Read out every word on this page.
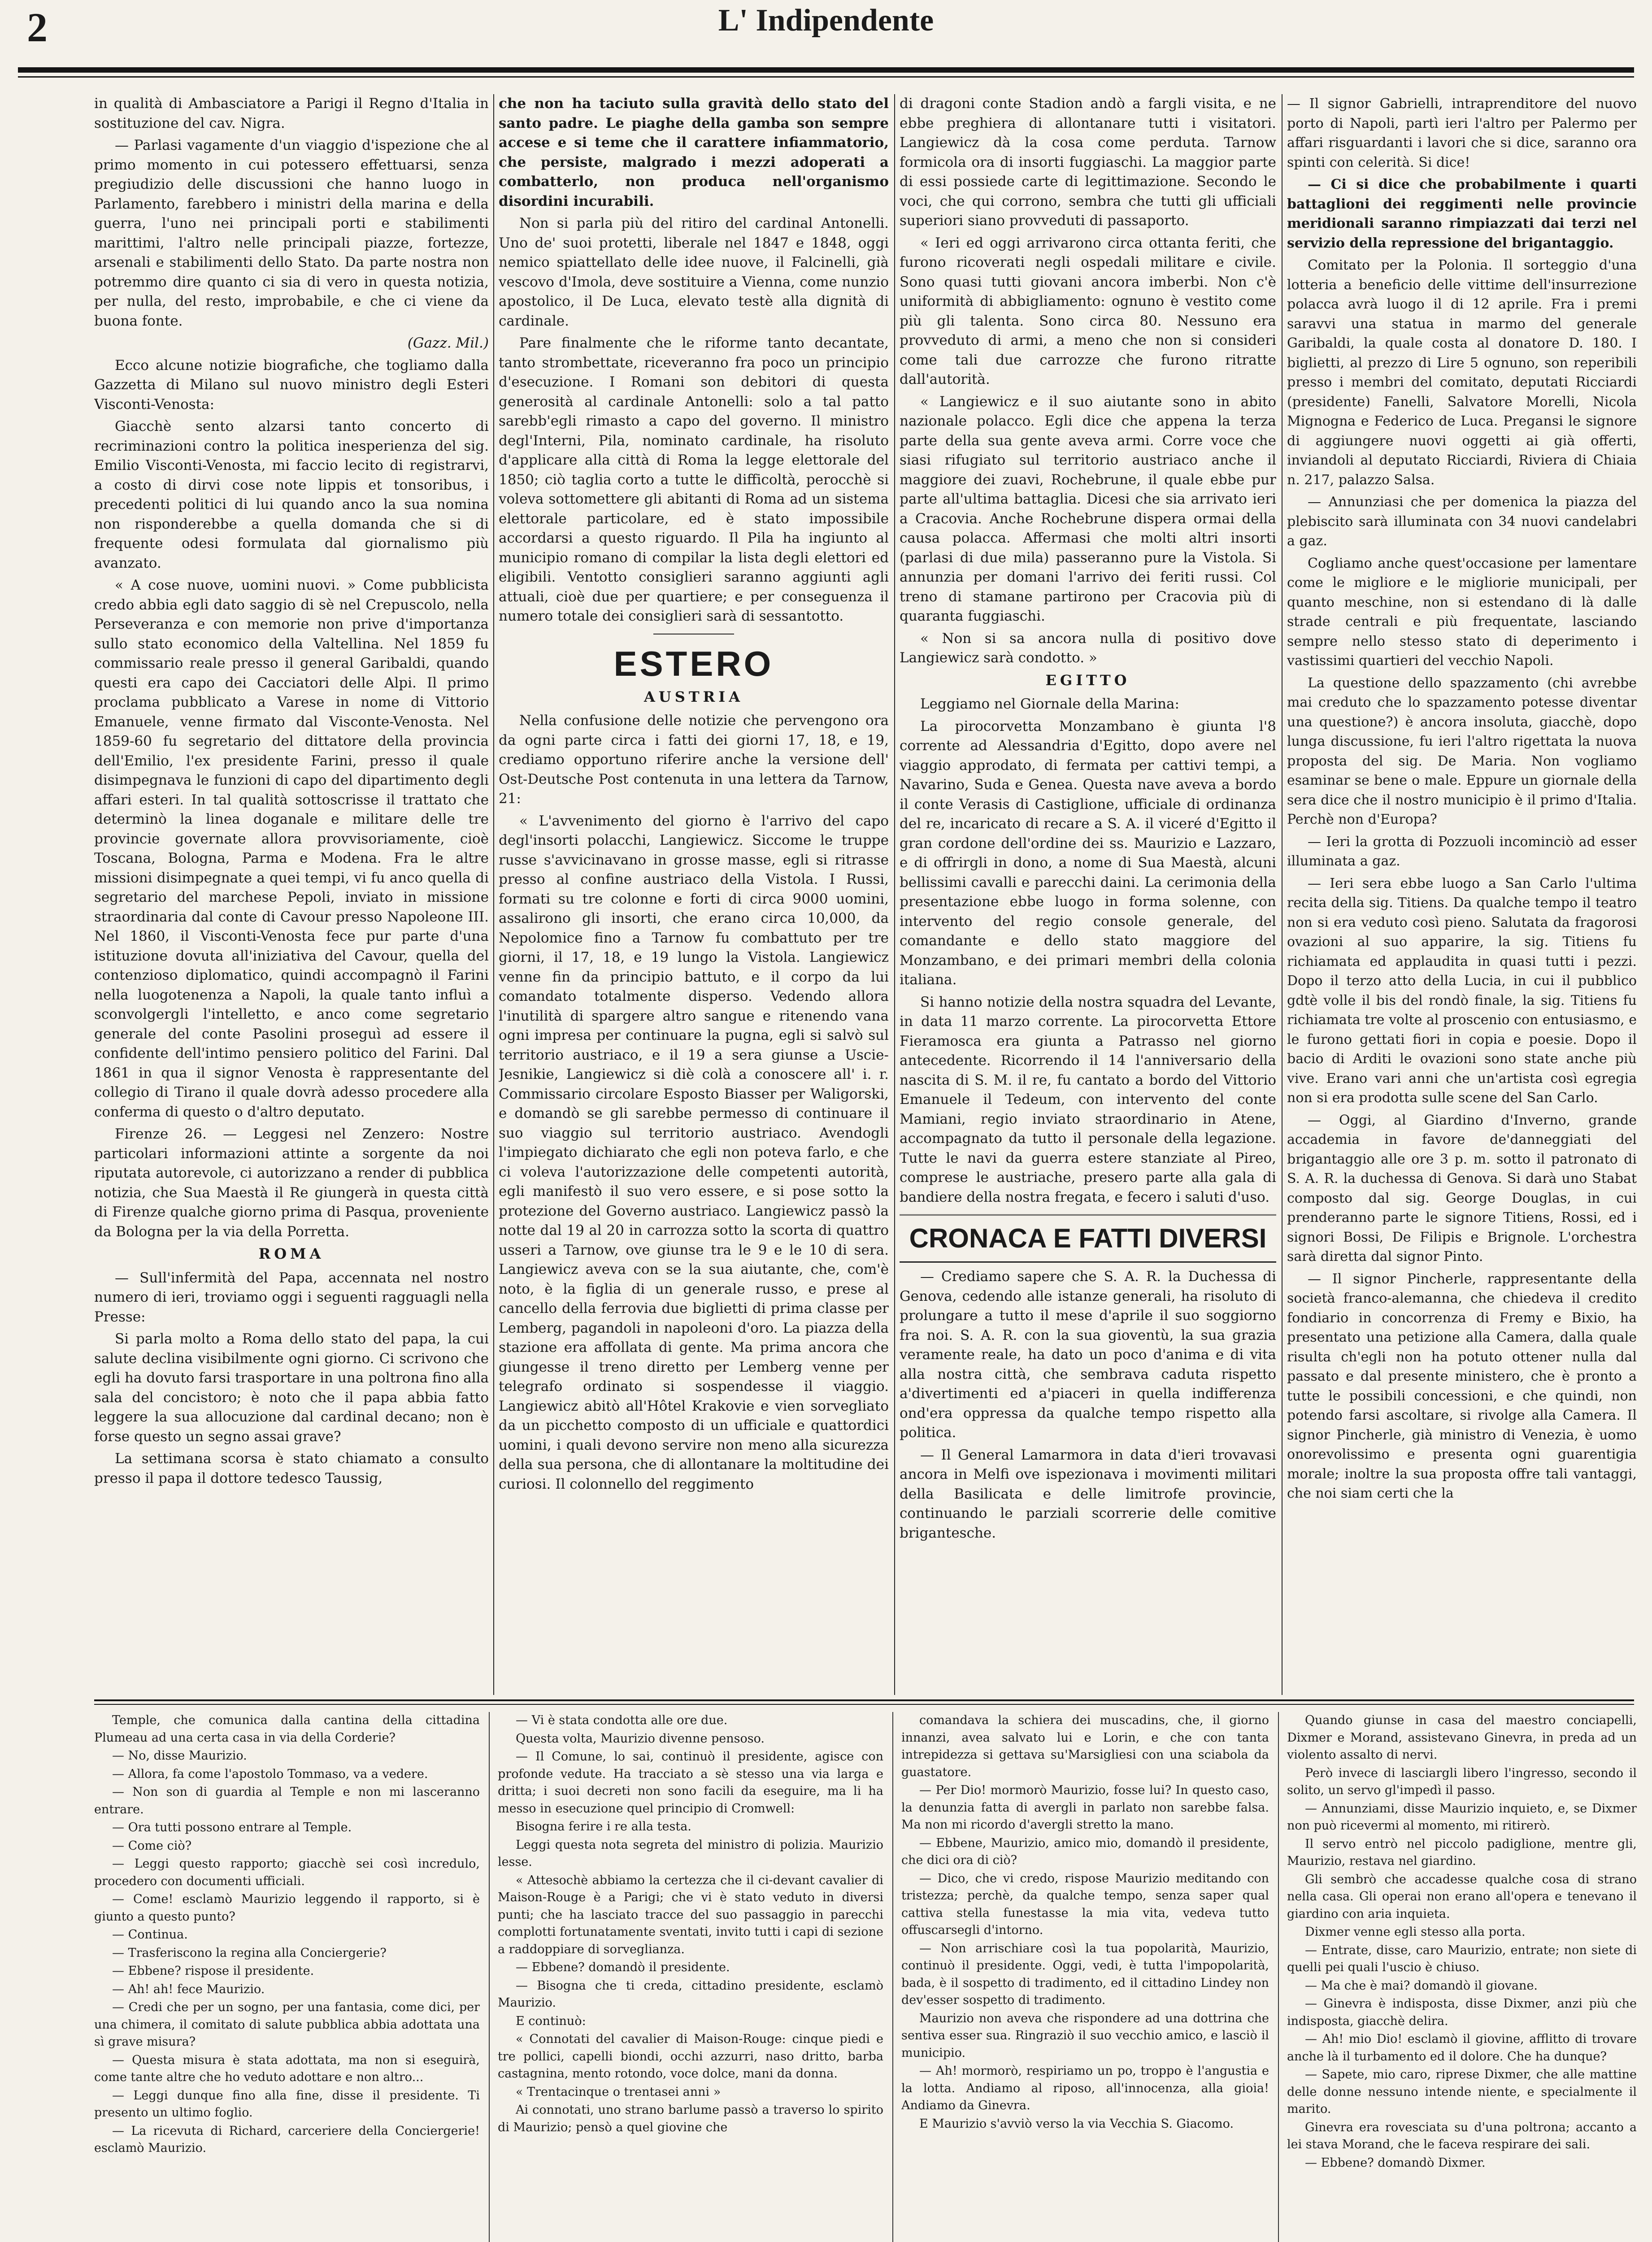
2	L' Indipendente

in qualità di Ambasciatore a Parigi il Regno d'Italia in sostituzione del cav. Nigra.

— Parlasi vagamente d'un viaggio d'ispezione che al primo momento in cui potessero effettuarsi, senza pregiudizio delle discussioni che hanno luogo in Parlamento, farebbero i ministri della marina e della guerra, l'uno nei principali porti e stabilimenti marittimi, l'altro nelle principali piazze, fortezze, arsenali e stabilimenti dello Stato. Da parte nostra non potremmo dire quanto ci sia di vero in questa notizia, per nulla, del resto, improbabile, e che ci viene da buona fonte.

(Gazz. Mil.)

Ecco alcune notizie biografiche, che togliamo dalla Gazzetta di Milano sul nuovo ministro degli Esteri Visconti-Venosta:

Giacchè sento alzarsi tanto concerto di recriminazioni contro la politica inesperienza del sig. Emilio Visconti-Venosta, mi faccio lecito di registrarvi, a costo di dirvi cose note lippis et tonsoribus, i precedenti politici di lui quando anco la sua nomina non risponderebbe a quella domanda che si di frequente odesi formulata dal giornalismo più avanzato.

« A cose nuove, uomini nuovi. » Come pubblicista credo abbia egli dato saggio di sè nel Crepuscolo, nella Perseveranza e con memorie non prive d'importanza sullo stato economico della Valtellina. Nel 1859 fu commissario reale presso il general Garibaldi, quando questi era capo dei Cacciatori delle Alpi. Il primo proclama pubblicato a Varese in nome di Vittorio Emanuele, venne firmato dal Visconte-Venosta. Nel 1859-60 fu segretario del dittatore della provincia dell'Emilio, l'ex presidente Farini, presso il quale disimpegnava le funzioni di capo del dipartimento degli affari esteri. In tal qualità sottoscrisse il trattato che determinò la linea doganale e militare delle tre provincie governate allora provvisoriamente, cioè Toscana, Bologna, Parma e Modena. Fra le altre missioni disimpegnate a quei tempi, vi fu anco quella di segretario del marchese Pepoli, inviato in missione straordinaria dal conte di Cavour presso Napoleone III. Nel 1860, il Visconti-Venosta fece pur parte d'una istituzione dovuta all'iniziativa del Cavour, quella del contenzioso diplomatico, quindi accompagnò il Farini nella luogotenenza a Napoli, la quale tanto influì a sconvolgergli l'intelletto, e anco come segretario generale del conte Pasolini proseguì ad essere il confidente dell'intimo pensiero politico del Farini. Dal 1861 in qua il signor Venosta è rappresentante del collegio di Tirano il quale dovrà adesso procedere alla conferma di questo o d'altro deputato.

Firenze 26. — Leggesi nel Zenzero: Nostre particolari informazioni attinte a sorgente da noi riputata autorevole, ci autorizzano a render di pubblica notizia, che Sua Maestà il Re giungerà in questa città di Firenze qualche giorno prima di Pasqua, proveniente da Bologna per la via della Porretta.

ROMA

— Sull'infermità del Papa, accennata nel nostro numero di ieri, troviamo oggi i seguenti ragguagli nella Presse:

Si parla molto a Roma dello stato del papa, la cui salute declina visibilmente ogni giorno. Ci scrivono che egli ha dovuto farsi trasportare in una poltrona fino alla sala del concistoro; è noto che il papa abbia fatto leggere la sua allocuzione dal cardinal decano; non è forse questo un segno assai grave?

La settimana scorsa è stato chiamato a consulto presso il papa il dottore tedesco Taussig,

che non ha taciuto sulla gravità dello stato del santo padre. Le piaghe della gamba son sempre accese e si teme che il carattere infiammatorio, che persiste, malgrado i mezzi adoperati a combatterlo, non produca nell'organismo disordini incurabili.

Non si parla più del ritiro del cardinal Antonelli. Uno de' suoi protetti, liberale nel 1847 e 1848, oggi nemico spiattellato delle idee nuove, il Falcinelli, già vescovo d'Imola, deve sostituire a Vienna, come nunzio apostolico, il De Luca, elevato testè alla dignità di cardinale.

Pare finalmente che le riforme tanto decantate, tanto strombettate, riceveranno fra poco un principio d'esecuzione. I Romani son debitori di questa generosità al cardinale Antonelli: solo a tal patto sarebb'egli rimasto a capo del governo. Il ministro degl'Interni, Pila, nominato cardinale, ha risoluto d'applicare alla città di Roma la legge elettorale del 1850; ciò taglia corto a tutte le difficoltà, perocchè si voleva sottomettere gli abitanti di Roma ad un sistema elettorale particolare, ed è stato impossibile accordarsi a questo riguardo. Il Pila ha ingiunto al municipio romano di compilar la lista degli elettori ed eligibili. Ventotto consiglieri saranno aggiunti agli attuali, cioè due per quartiere; e per conseguenza il numero totale dei consiglieri sarà di sessantotto.

ESTERO
AUSTRIA

Nella confusione delle notizie che pervengono ora da ogni parte circa i fatti dei giorni 17, 18, e 19, crediamo opportuno riferire anche la versione dell' Ost-Deutsche Post contenuta in una lettera da Tarnow, 21:

« L'avvenimento del giorno è l'arrivo del capo degl'insorti polacchi, Langiewicz. Siccome le truppe russe s'avvicinavano in grosse masse, egli si ritrasse presso al confine austriaco della Vistola. I Russi, formati su tre colonne e forti di circa 9000 uomini, assalirono gli insorti, che erano circa 10,000, da Nepolomice fino a Tarnow fu combattuto per tre giorni, il 17, 18, e 19 lungo la Vistola. Langiewicz venne fin da principio battuto, e il corpo da lui comandato totalmente disperso. Vedendo allora l'inutilità di spargere altro sangue e ritenendo vana ogni impresa per continuare la pugna, egli si salvò sul territorio austriaco, e il 19 a sera giunse a Uscie-Jesnikie, Langiewicz si diè colà a conoscere all' i. r. Commissario circolare Esposto Biasser per Waligorski, e domandò se gli sarebbe permesso di continuare il suo viaggio sul territorio austriaco. Avendogli l'impiegato dichiarato che egli non poteva farlo, e che ci voleva l'autorizzazione delle competenti autorità, egli manifestò il suo vero essere, e si pose sotto la protezione del Governo austriaco. Langiewicz passò la notte dal 19 al 20 in carrozza sotto la scorta di quattro usseri a Tarnow, ove giunse tra le 9 e le 10 di sera. Langiewicz aveva con se la sua aiutante, che, com'è noto, è la figlia di un generale russo, e prese al cancello della ferrovia due biglietti di prima classe per Lemberg, pagandoli in napoleoni d'oro. La piazza della stazione era affollata di gente. Ma prima ancora che giungesse il treno diretto per Lemberg venne per telegrafo ordinato si sospendesse il viaggio. Langiewicz abitò all'Hôtel Krakovie e vien sorvegliato da un picchetto composto di un ufficiale e quattordici uomini, i quali devono servire non meno alla sicurezza della sua persona, che di allontanare la moltitudine dei curiosi. Il colonnello del reggimento

di dragoni conte Stadion andò a fargli visita, e ne ebbe preghiera di allontanare tutti i visitatori. Langiewicz dà la cosa come perduta. Tarnow formicola ora di insorti fuggiaschi. La maggior parte di essi possiede carte di legittimazione. Secondo le voci, che qui corrono, sembra che tutti gli ufficiali superiori siano provveduti di passaporto.

« Ieri ed oggi arrivarono circa ottanta feriti, che furono ricoverati negli ospedali militare e civile. Sono quasi tutti giovani ancora imberbi. Non c'è uniformità di abbigliamento: ognuno è vestito come più gli talenta. Sono circa 80. Nessuno era provveduto di armi, a meno che non si consideri come tali due carrozze che furono ritratte dall'autorità.

« Langiewicz e il suo aiutante sono in abito nazionale polacco. Egli dice che appena la terza parte della sua gente aveva armi. Corre voce che siasi rifugiato sul territorio austriaco anche il maggiore dei zuavi, Rochebrune, il quale ebbe pur parte all'ultima battaglia. Dicesi che sia arrivato ieri a Cracovia. Anche Rochebrune dispera ormai della causa polacca. Affermasi che molti altri insorti (parlasi di due mila) passeranno pure la Vistola. Si annunzia per domani l'arrivo dei feriti russi. Col treno di stamane partirono per Cracovia più di quaranta fuggiaschi.

« Non si sa ancora nulla di positivo dove Langiewicz sarà condotto. »

EGITTO

Leggiamo nel Giornale della Marina:

La pirocorvetta Monzambano è giunta l'8 corrente ad Alessandria d'Egitto, dopo avere nel viaggio approdato, di fermata per cattivi tempi, a Navarino, Suda e Genea. Questa nave aveva a bordo il conte Verasis di Castiglione, ufficiale di ordinanza del re, incaricato di recare a S. A. il viceré d'Egitto il gran cordone dell'ordine dei ss. Maurizio e Lazzaro, e di offrirgli in dono, a nome di Sua Maestà, alcuni bellissimi cavalli e parecchi daini. La cerimonia della presentazione ebbe luogo in forma solenne, con intervento del regio console generale, del comandante e dello stato maggiore del Monzambano, e dei primari membri della colonia italiana.

Si hanno notizie della nostra squadra del Levante, in data 11 marzo corrente. La pirocorvetta Ettore Fieramosca era giunta a Patrasso nel giorno antecedente. Ricorrendo il 14 l'anniversario della nascita di S. M. il re, fu cantato a bordo del Vittorio Emanuele il Tedeum, con intervento del conte Mamiani, regio inviato straordinario in Atene, accompagnato da tutto il personale della legazione. Tutte le navi da guerra estere stanziate al Pireo, comprese le austriache, presero parte alla gala di bandiere della nostra fregata, e fecero i saluti d'uso.

CRONACA E FATTI DIVERSI

— Crediamo sapere che S. A. R. la Duchessa di Genova, cedendo alle istanze generali, ha risoluto di prolungare a tutto il mese d'aprile il suo soggiorno fra noi. S. A. R. con la sua gioventù, la sua grazia veramente reale, ha dato un poco d'anima e di vita alla nostra città, che sembrava caduta rispetto a'divertimenti ed a'piaceri in quella indifferenza ond'era oppressa da qualche tempo rispetto alla politica.

— Il General Lamarmora in data d'ieri trovavasi ancora in Melfi ove ispezionava i movimenti militari della Basilicata e delle limitrofe provincie, continuando le parziali scorrerie delle comitive brigantesche.

— Il signor Gabrielli, intraprenditore del nuovo porto di Napoli, partì ieri l'altro per Palermo per affari risguardanti i lavori che si dice, saranno ora spinti con celerità. Si dice!

— Ci si dice che probabilmente i quarti battaglioni dei reggimenti nelle provincie meridionali saranno rimpiazzati dai terzi nel servizio della repressione del brigantaggio.

Comitato per la Polonia. Il sorteggio d'una lotteria a beneficio delle vittime dell'insurrezione polacca avrà luogo il di 12 aprile. Fra i premi saravvi una statua in marmo del generale Garibaldi, la quale costa al donatore D. 180. I biglietti, al prezzo di Lire 5 ognuno, son reperibili presso i membri del comitato, deputati Ricciardi (presidente) Fanelli, Salvatore Morelli, Nicola Mignogna e Federico de Luca. Pregansi le signore di aggiungere nuovi oggetti ai già offerti, inviandoli al deputato Ricciardi, Riviera di Chiaia n. 217, palazzo Salsa.

— Annunziasi che per domenica la piazza del plebiscito sarà illuminata con 34 nuovi candelabri a gaz.

Cogliamo anche quest'occasione per lamentare come le migliore e le migliorie municipali, per quanto meschine, non si estendano di là dalle strade centrali e più frequentate, lasciando sempre nello stesso stato di deperimento i vastissimi quartieri del vecchio Napoli.

La questione dello spazzamento (chi avrebbe mai creduto che lo spazzamento potesse diventar una questione?) è ancora insoluta, giacchè, dopo lunga discussione, fu ieri l'altro rigettata la nuova proposta del sig. De Maria. Non vogliamo esaminar se bene o male. Eppure un giornale della sera dice che il nostro municipio è il primo d'Italia. Perchè non d'Europa?

— Ieri la grotta di Pozzuoli incominciò ad esser illuminata a gaz.

— Ieri sera ebbe luogo a San Carlo l'ultima recita della sig. Titiens. Da qualche tempo il teatro non si era veduto così pieno. Salutata da fragorosi ovazioni al suo apparire, la sig. Titiens fu richiamata ed applaudita in quasi tutti i pezzi. Dopo il terzo atto della Lucia, in cui il pubblico gdtè volle il bis del rondò finale, la sig. Titiens fu richiamata tre volte al proscenio con entusiasmo, e le furono gettati fiori in copia e poesie. Dopo il bacio di Arditi le ovazioni sono state anche più vive. Erano vari anni che un'artista così egregia non si era prodotta sulle scene del San Carlo.

— Oggi, al Giardino d'Inverno, grande accademia in favore de'danneggiati del brigantaggio alle ore 3 p. m. sotto il patronato di S. A. R. la duchessa di Genova. Si darà uno Stabat composto dal sig. George Douglas, in cui prenderanno parte le signore Titiens, Rossi, ed i signori Bossi, De Filipis e Brignole. L'orchestra sarà diretta dal signor Pinto.

— Il signor Pincherle, rappresentante della società franco-alemanna, che chiedeva il credito fondiario in concorrenza di Fremy e Bixio, ha presentato una petizione alla Camera, dalla quale risulta ch'egli non ha potuto ottener nulla dal passato e dal presente ministero, che è pronto a tutte le possibili concessioni, e che quindi, non potendo farsi ascoltare, si rivolge alla Camera. Il signor Pincherle, già ministro di Venezia, è uomo onorevolissimo e presenta ogni guarentigia morale; inoltre la sua proposta offre tali vantaggi, che noi siam certi che la

Temple, che comunica dalla cantina della cittadina Plumeau ad una certa casa in via della Corderie?

— No, disse Maurizio.

— Allora, fa come l'apostolo Tommaso, va a vedere.

— Non son di guardia al Temple e non mi lasceranno entrare.

— Ora tutti possono entrare al Temple.

— Come ciò?

— Leggi questo rapporto; giacchè sei così incredulo, procedero con documenti ufficiali.

— Come! esclamò Maurizio leggendo il rapporto, si è giunto a questo punto?

— Continua.

— Trasferiscono la regina alla Conciergerie?

— Ebbene? rispose il presidente.

— Ah! ah! fece Maurizio.

— Credi che per un sogno, per una fantasia, come dici, per una chimera, il comitato di salute pubblica abbia adottata una sì grave misura?

— Questa misura è stata adottata, ma non si eseguirà, come tante altre che ho veduto adottare e non altro...

— Leggi dunque fino alla fine, disse il presidente. Ti presento un ultimo foglio.

— La ricevuta di Richard, carceriere della Conciergerie! esclamò Maurizio.

— Vi è stata condotta alle ore due.

Questa volta, Maurizio divenne pensoso.

— Il Comune, lo sai, continuò il presidente, agisce con profonde vedute. Ha tracciato a sè stesso una via larga e dritta; i suoi decreti non sono facili da eseguire, ma li ha messo in esecuzione quel principio di Cromwell:

Bisogna ferire i re alla testa.

Leggi questa nota segreta del ministro di polizia. Maurizio lesse.

« Attesochè abbiamo la certezza che il ci-devant cavalier di Maison-Rouge è a Parigi; che vi è stato veduto in diversi punti; che ha lasciato tracce del suo passaggio in parecchi complotti fortunatamente sventati, invito tutti i capi di sezione a raddoppiare di sorveglianza.

— Ebbene? domandò il presidente.

— Bisogna che ti creda, cittadino presidente, esclamò Maurizio.

E continuò:

« Connotati del cavalier di Maison-Rouge: cinque piedi e tre pollici, capelli biondi, occhi azzurri, naso dritto, barba castagnina, mento rotondo, voce dolce, mani da donna.

« Trentacinque o trentasei anni »

Ai connotati, uno strano barlume passò a traverso lo spirito di Maurizio; pensò a quel giovine che

comandava la schiera dei muscadins, che, il giorno innanzi, avea salvato lui e Lorin, e che con tanta intrepidezza si gettava su'Marsigliesi con una sciabola da guastatore.

— Per Dio! mormorò Maurizio, fosse lui? In questo caso, la denunzia fatta di avergli in parlato non sarebbe falsa. Ma non mi ricordo d'avergli stretto la mano.

— Ebbene, Maurizio, amico mio, domandò il presidente, che dici ora di ciò?

— Dico, che vi credo, rispose Maurizio meditando con tristezza; perchè, da qualche tempo, senza saper qual cattiva stella funestasse la mia vita, vedeva tutto offuscarsegli d'intorno.

— Non arrischiare così la tua popolarità, Maurizio, continuò il presidente. Oggi, vedi, è tutta l'impopolarità, bada, è il sospetto di tradimento, ed il cittadino Lindey non dev'esser sospetto di tradimento.

Maurizio non aveva che rispondere ad una dottrina che sentiva esser sua. Ringraziò il suo vecchio amico, e lasciò il municipio.

— Ah! mormorò, respiriamo un po, troppo è l'angustia e la lotta. Andiamo al riposo, all'innocenza, alla gioia! Andiamo da Ginevra.

E Maurizio s'avviò verso la via Vecchia S. Giacomo.

Quando giunse in casa del maestro conciapelli, Dixmer e Morand, assistevano Ginevra, in preda ad un violento assalto di nervi.

Però invece di lasciargli libero l'ingresso, secondo il solito, un servo gl'impedì il passo.

— Annunziami, disse Maurizio inquieto, e, se Dixmer non può ricevermi al momento, mi ritirerò.

Il servo entrò nel piccolo padiglione, mentre gli, Maurizio, restava nel giardino.

Gli sembrò che accadesse qualche cosa di strano nella casa. Gli operai non erano all'opera e tenevano il giardino con aria inquieta.

Dixmer venne egli stesso alla porta.

— Entrate, disse, caro Maurizio, entrate; non siete di quelli pei quali l'uscio è chiuso.

— Ma che è mai? domandò il giovane.

— Ginevra è indisposta, disse Dixmer, anzi più che indisposta, giacchè delira.

— Ah! mio Dio! esclamò il giovine, afflitto di trovare anche là il turbamento ed il dolore. Che ha dunque?

— Sapete, mio caro, riprese Dixmer, che alle mattine delle donne nessuno intende niente, e specialmente il marito.

Ginevra era rovesciata su d'una poltrona; accanto a lei stava Morand, che le faceva respirare dei sali.

— Ebbene? domandò Dixmer.
